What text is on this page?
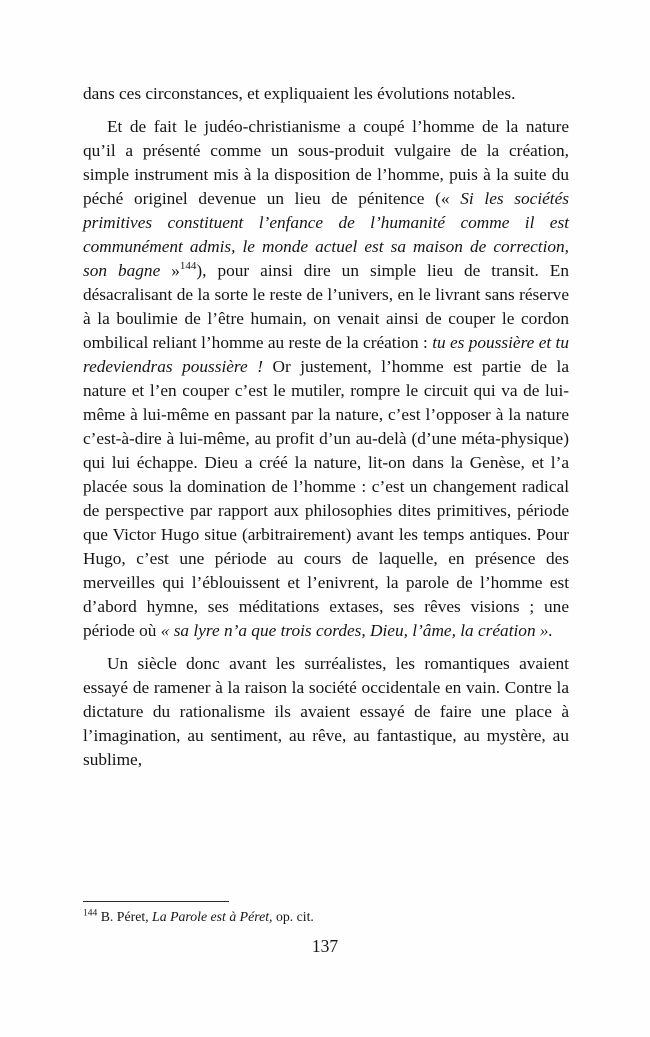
dans ces circonstances, et expliquaient les évolutions notables.

Et de fait le judéo-christianisme a coupé l’homme de la nature qu’il a présenté comme un sous-produit vulgaire de la création, simple instrument mis à la disposition de l’homme, puis à la suite du péché originel devenue un lieu de pénitence (« Si les sociétés primitives constituent l’enfance de l’humanité comme il est communément admis, le monde actuel est sa maison de correction, son bagne »$^{144}$), pour ainsi dire un simple lieu de transit. En désacralisant de la sorte le reste de l’univers, en le livrant sans réserve à la boulimie de l’être humain, on venait ainsi de couper le cordon ombilical reliant l’homme au reste de la création : tu es poussière et tu redeviendras poussière ! Or justement, l’homme est partie de la nature et l’en couper c’est le mutiler, rompre le circuit qui va de lui-même à lui-même en passant par la nature, c’est l’opposer à la nature c’est-à-dire à lui-même, au profit d’un au-delà (d’une méta-physique) qui lui échappe. Dieu a créé la nature, lit-on dans la Genèse, et l’a placée sous la domination de l’homme : c’est un changement radical de perspective par rapport aux philosophies dites primitives, période que Victor Hugo situe (arbitrairement) avant les temps antiques. Pour Hugo, c’est une période au cours de laquelle, en présence des merveilles qui l’éblouissent et l’enivrent, la parole de l’homme est d’abord hymne, ses méditations extases, ses rêves visions ; une période où « sa lyre n’a que trois cordes, Dieu, l’âme, la création ».

Un siècle donc avant les surréalistes, les romantiques avaient essayé de ramener à la raison la société occidentale en vain. Contre la dictature du rationalisme ils avaient essayé de faire une place à l’imagination, au sentiment, au rêve, au fantastique, au mystère, au sublime,

$^{144}$ B. Péret, La Parole est à Péret, op. cit.
137
